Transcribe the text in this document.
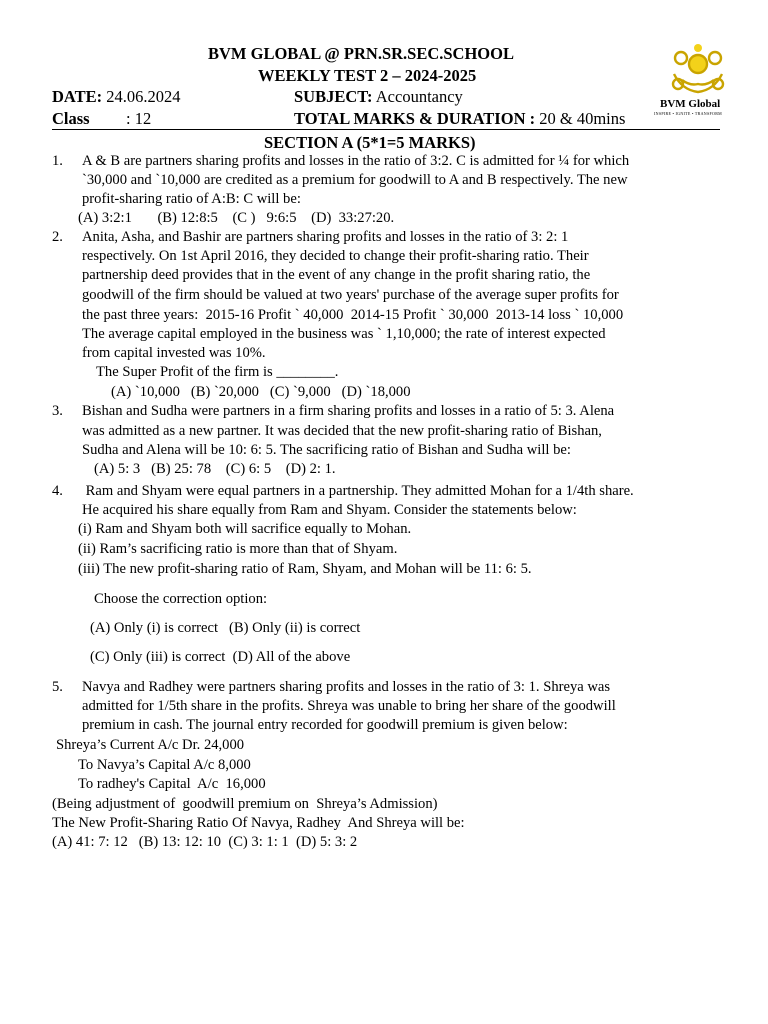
BVM GLOBAL @ PRN.SR.SEC.SCHOOL
WEEKLY TEST 2 – 2024-2025
DATE: 24.06.2024	SUBJECT: Accountancy
Class : 12	TOTAL MARKS & DURATION : 20 & 40mins
BVM Global
INSPIRE • IGNITE • TRANSFORM
SECTION A (5*1=5 MARKS)
1. A & B are partners sharing profits and losses in the ratio of 3:2. C is admitted for ¼ for which
`30,000 and `10,000 are credited as a premium for goodwill to A and B respectively. The new
profit-sharing ratio of A:B: C will be:
(A) 3:2:1       (B) 12:8:5    (C )   9:6:5    (D)  33:27:20.
2. Anita, Asha, and Bashir are partners sharing profits and losses in the ratio of 3: 2: 1
respectively. On 1st April 2016, they decided to change their profit-sharing ratio. Their
partnership deed provides that in the event of any change in the profit sharing ratio, the
goodwill of the firm should be valued at two years' purchase of the average super profits for
the past three years:  2015-16 Profit ` 40,000  2014-15 Profit ` 30,000  2013-14 loss ` 10,000
The average capital employed in the business was ` 1,10,000; the rate of interest expected
from capital invested was 10%.
The Super Profit of the firm is ________.
(A) `10,000   (B) `20,000   (C) `9,000   (D) `18,000
3. Bishan and Sudha were partners in a firm sharing profits and losses in a ratio of 5: 3. Alena
was admitted as a new partner. It was decided that the new profit-sharing ratio of Bishan,
Sudha and Alena will be 10: 6: 5. The sacrificing ratio of Bishan and Sudha will be:
(A) 5: 3   (B) 25: 78    (C) 6: 5    (D) 2: 1.
4. Ram and Shyam were equal partners in a partnership. They admitted Mohan for a 1/4th share.
He acquired his share equally from Ram and Shyam. Consider the statements below:
(i) Ram and Shyam both will sacrifice equally to Mohan.
(ii) Ram’s sacrificing ratio is more than that of Shyam.
(iii) The new profit-sharing ratio of Ram, Shyam, and Mohan will be 11: 6: 5.
Choose the correction option:
(A) Only (i) is correct   (B) Only (ii) is correct
(C) Only (iii) is correct  (D) All of the above
5. Navya and Radhey were partners sharing profits and losses in the ratio of 3: 1. Shreya was
admitted for 1/5th share in the profits. Shreya was unable to bring her share of the goodwill
premium in cash. The journal entry recorded for goodwill premium is given below:
Shreya’s Current A/c Dr. 24,000
To Navya’s Capital A/c 8,000
To radhey's Capital  A/c  16,000
(Being adjustment of  goodwill premium on  Shreya’s Admission)
The New Profit-Sharing Ratio Of Navya, Radhey  And Shreya will be:
(A) 41: 7: 12   (B) 13: 12: 10  (C) 3: 1: 1  (D) 5: 3: 2
